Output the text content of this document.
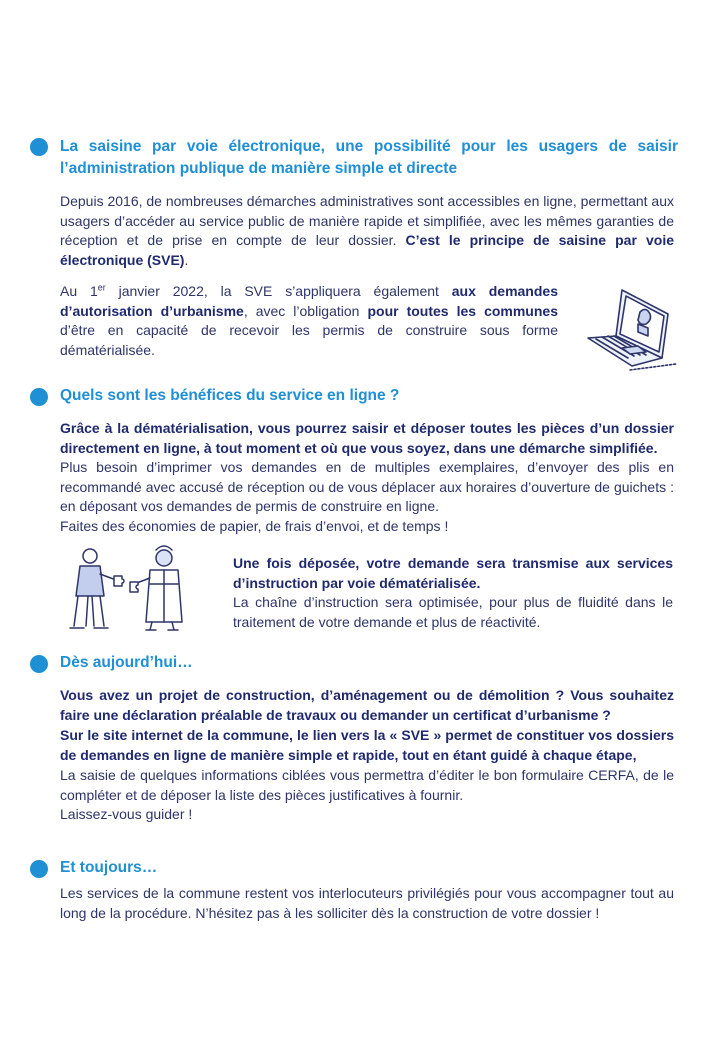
La saisine par voie électronique, une possibilité pour les usagers de saisir l’administration publique de manière simple et directe
Depuis 2016, de nombreuses démarches administratives sont accessibles en ligne, permettant aux usagers d’accéder au service public de manière rapide et simplifiée, avec les mêmes garanties de réception et de prise en compte de leur dossier. C’est le principe de saisine par voie électronique (SVE).
Au 1er janvier 2022, la SVE s’appliquera également aux demandes d’autorisation d’urbanisme, avec l’obligation pour toutes les communes d’être en capacité de recevoir les permis de construire sous forme dématérialisée.
Quels sont les bénéfices du service en ligne ?
Grâce à la dématérialisation, vous pourrez saisir et déposer toutes les pièces d’un dossier directement en ligne, à tout moment et où que vous soyez, dans une démarche simplifiée.
Plus besoin d’imprimer vos demandes en de multiples exemplaires, d’envoyer des plis en recommandé avec accusé de réception ou de vous déplacer aux horaires d’ouverture de guichets : en déposant vos demandes de permis de construire en ligne.
Faites des économies de papier, de frais d’envoi, et de temps !
Une fois déposée, votre demande sera transmise aux services d’instruction par voie dématérialisée.
La chaîne d’instruction sera optimisée, pour plus de fluidité dans le traitement de votre demande et plus de réactivité.
Dès aujourd’hui…
Vous avez un projet de construction, d’aménagement ou de démolition ? Vous souhaitez faire une déclaration préalable de travaux ou demander un certificat d’urbanisme ?
Sur le site internet de la commune, le lien vers la « SVE » permet de constituer vos dossiers de demandes en ligne de manière simple et rapide, tout en étant guidé à chaque étape,
La saisie de quelques informations ciblées vous permettra d’éditer le bon formulaire CERFA, de le compléter et de déposer la liste des pièces justificatives à fournir.
Laissez-vous guider !
Et toujours…
Les services de la commune restent vos interlocuteurs privilégiés pour vous accompagner tout au long de la procédure. N’hésitez pas à les solliciter dès la construction de votre dossier !
